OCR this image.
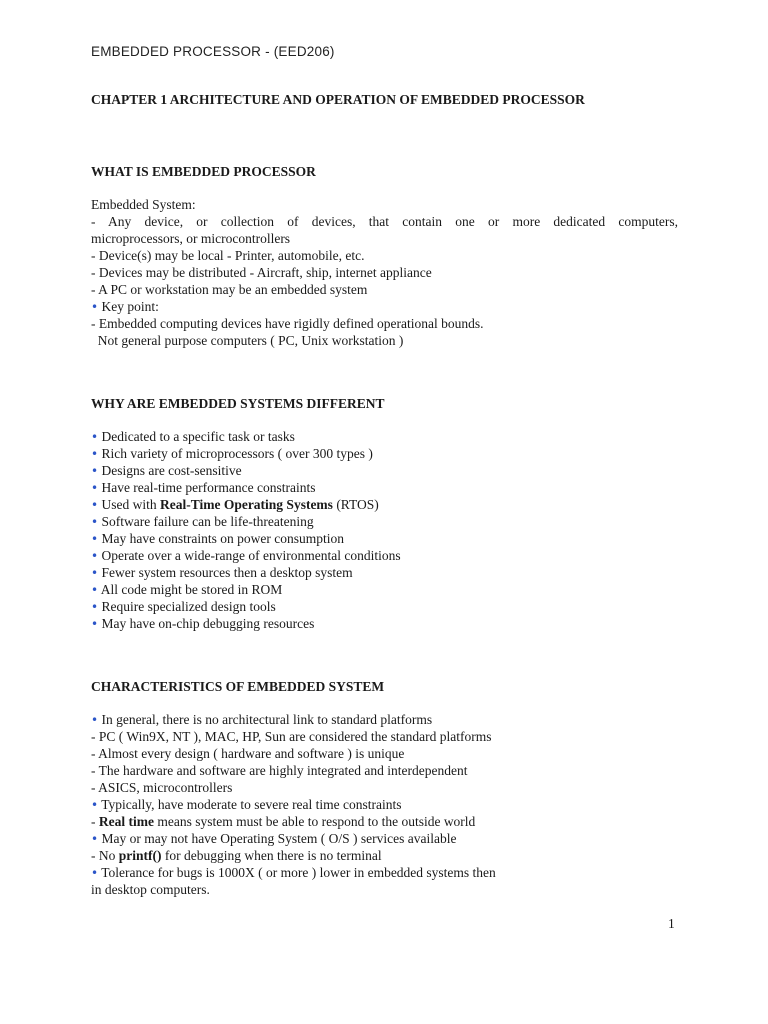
EMBEDDED PROCESSOR - (EED206)

CHAPTER 1 ARCHITECTURE AND OPERATION OF EMBEDDED PROCESSOR

WHAT IS EMBEDDED PROCESSOR

Embedded System:

- Any device, or collection of devices, that contain one or more dedicated computers,

microprocessors, or microcontrollers

- Device(s) may be local - Printer, automobile, etc.

- Devices may be distributed - Aircraft, ship, internet appliance

- A PC or workstation may be an embedded system

• Key point:

- Embedded computing devices have rigidly defined operational bounds.

Not general purpose computers ( PC, Unix workstation )

WHY ARE EMBEDDED SYSTEMS DIFFERENT

• Dedicated to a specific task or tasks

• Rich variety of microprocessors ( over 300 types )

• Designs are cost-sensitive

• Have real-time performance constraints

• Used with Real-Time Operating Systems (RTOS)

• Software failure can be life-threatening

• May have constraints on power consumption

• Operate over a wide-range of environmental conditions

• Fewer system resources then a desktop system

• All code might be stored in ROM

• Require specialized design tools

• May have on-chip debugging resources

CHARACTERISTICS OF EMBEDDED SYSTEM

• In general, there is no architectural link to standard platforms

- PC ( Win9X, NT ), MAC, HP, Sun are considered the standard platforms

- Almost every design ( hardware and software ) is unique

- The hardware and software are highly integrated and interdependent

- ASICS, microcontrollers

• Typically, have moderate to severe real time constraints

- Real time means system must be able to respond to the outside world

• May or may not have Operating System ( O/S ) services available

- No printf() for debugging when there is no terminal

• Tolerance for bugs is 1000X ( or more ) lower in embedded systems then

in desktop computers.

1
